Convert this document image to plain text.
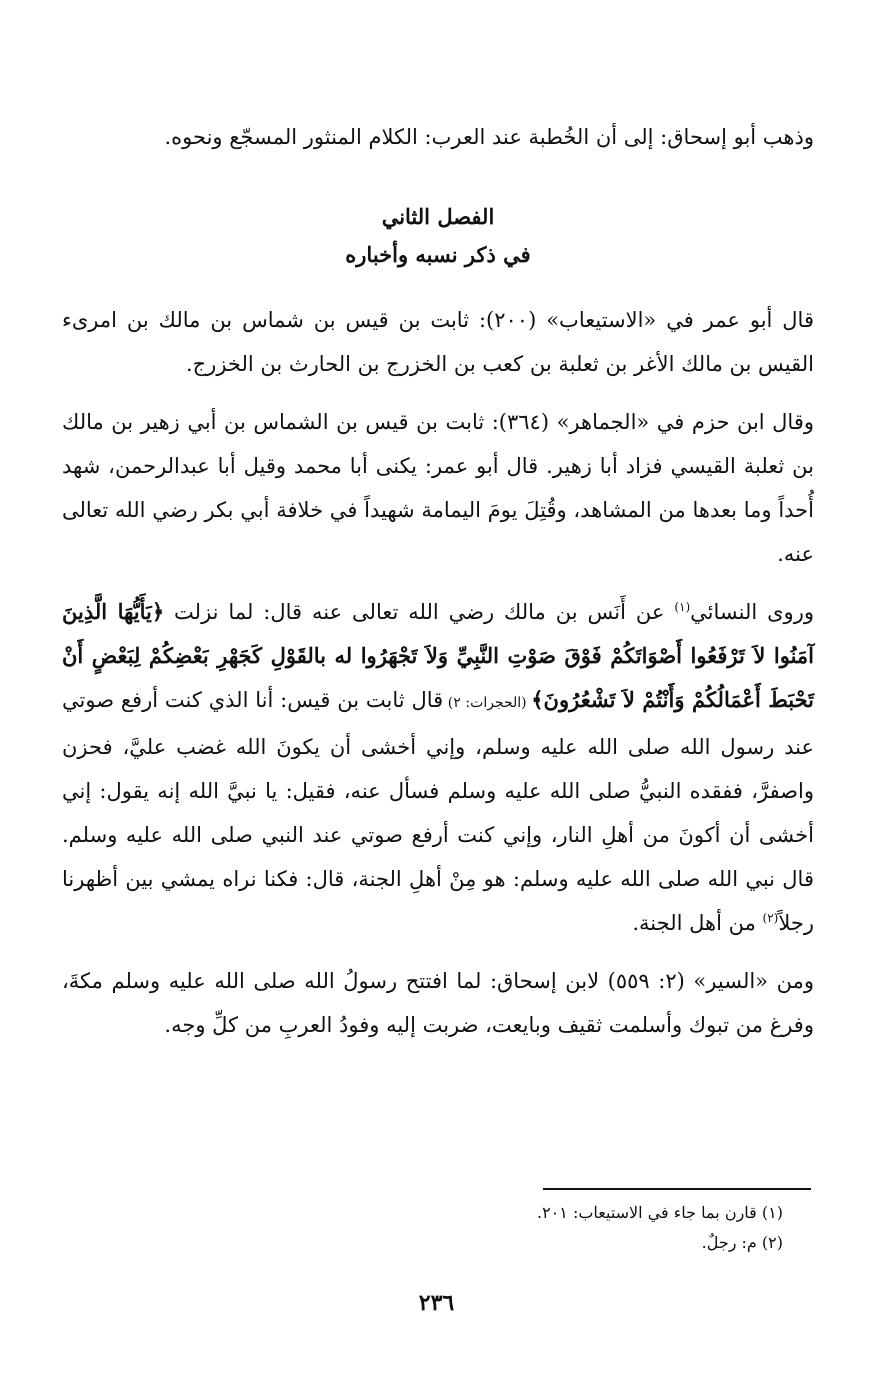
وذهب أبو إسحاق: إلى أن الخُطبة عند العرب: الكلام المنثور المسجّع ونحوه.

الفصل الثاني
في ذكر نسبه وأخباره

قال أبو عمر في «الاستيعاب» (٢٠٠): ثابت بن قيس بن شماس بن مالك بن امرىء القيس بن مالك الأغر بن ثعلبة بن كعب بن الخزرج بن الحارث بن الخزرج.

وقال ابن حزم في «الجماهر» (٣٦٤): ثابت بن قيس بن الشماس بن أبي زهير بن مالك بن ثعلبة القيسي فزاد أبا زهير. قال أبو عمر: يكنى أبا محمد وقيل أبا عبدالرحمن، شهد أُحداً وما بعدها من المشاهد، وقُتِلَ يومَ اليمامة شهيداً في خلافة أبي بكر رضي الله تعالى عنه.

وروى النسائي$^{(١)}$ عن أَنَس بن مالك رضي الله تعالى عنه قال: لما نزلت ﴿يَأَيُّهَا الَّذِينَ آمَنُوا لاَ تَرْفَعُوا أَصْوَاتَكُمْ فَوْقَ صَوْتِ النَّبِيِّ وَلاَ تَجْهَرُوا له بالقَوْلِ كَجَهْرِ بَعْضِكُمْ لِبَعْضٍ أَنْ تَحْبَطَ أَعْمَالُكُمْ وَأَنْتُمْ لاَ تَشْعُرُونَ﴾ (الحجرات: ٢) قال ثابت بن قيس: أنا الذي كنت أرفع صوتي عند رسول الله صلى الله عليه وسلم، وإني أخشى أن يكونَ الله غضب عليَّ، فحزن واصفرَّ، ففقده النبيُّ صلى الله عليه وسلم فسأل عنه، فقيل: يا نبيَّ الله إنه يقول: إني أخشى أن أكونَ من أهلِ النار، وإني كنت أرفع صوتي عند النبي صلى الله عليه وسلم. قال نبي الله صلى الله عليه وسلم: هو مِنْ أهلِ الجنة، قال: فكنا نراه يمشي بين أظهرنا رجلاً$^{(٢)}$ من أهل الجنة.

ومن «السير» (٢: ٥٥٩) لابن إسحاق: لما افتتح رسولُ الله صلى الله عليه وسلم مكةَ، وفرغ من تبوك وأسلمت ثقيف وبايعت، ضربت إليه وفودُ العربِ من كلِّ وجه.

(١) قارن بما جاء في الاستيعاب: ٢٠١.

(٢) م: رجلٌ.

٢٣٦
